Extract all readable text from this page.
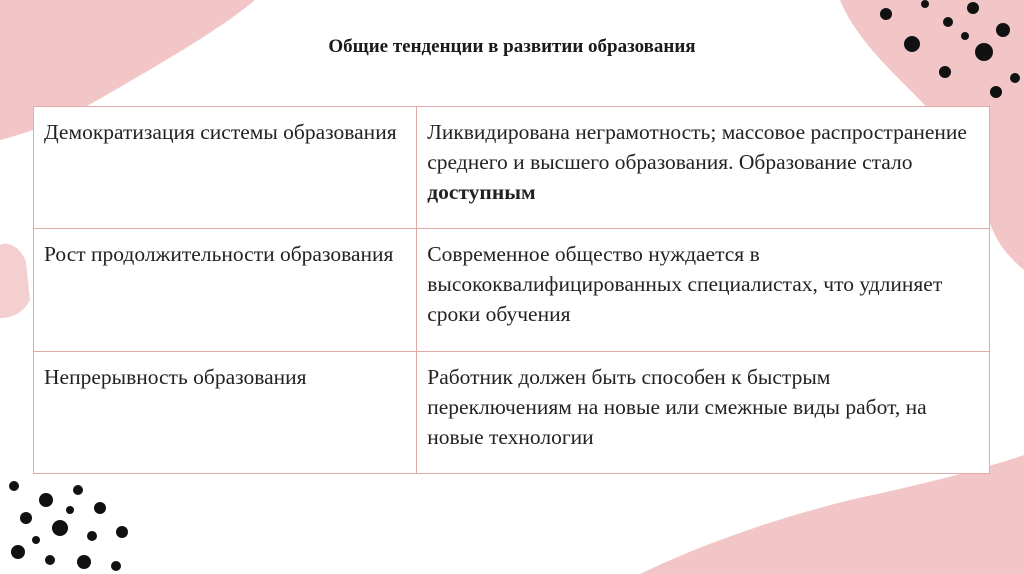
Общие тенденции в развитии образования
Демократизация системы образования	Ликвидирована неграмотность; массовое распространение среднего и высшего образования. Образование стало доступным
Рост продолжительности образования	Современное общество нуждается в высококвалифицированных специалистах, что удлиняет сроки обучения
Непрерывность образования	Работник должен быть способен к быстрым переключениям на новые или смежные виды работ, на новые технологии
